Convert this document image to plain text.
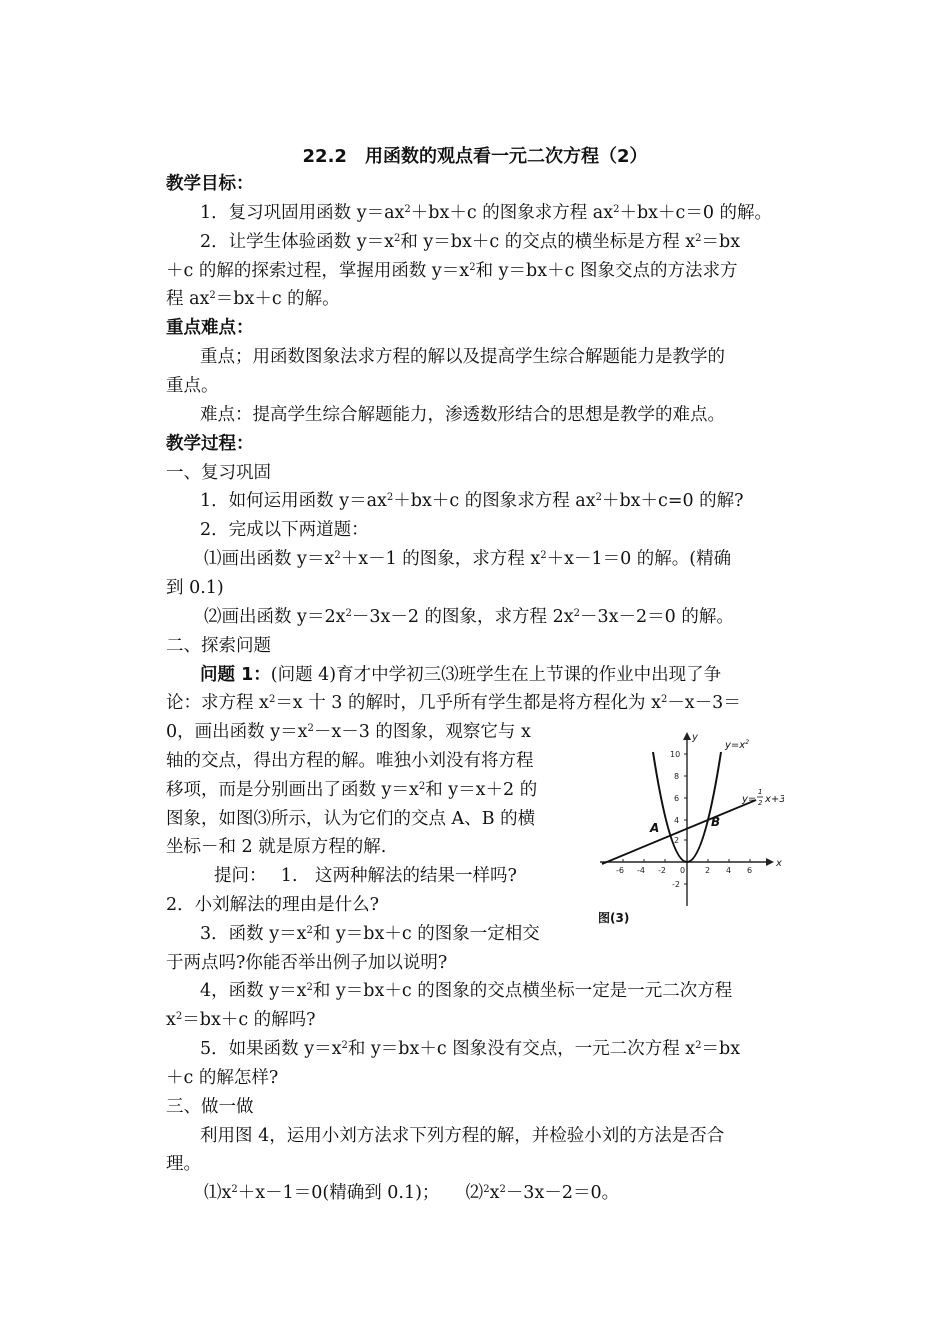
22.2　用函数的观点看一元二次方程（2）
教学目标：
1．复习巩固用函数 $y=ax^2+bx+c$ 的图象求方程 $ax^2+bx+c=0$ 的解。
2．让学生体验函数 $y=x^2$和 y＝bx＋c 的交点的横坐标是方程 $x^2=bx$
＋c 的解的探索过程，掌握用函数 $y=x^2$和 y＝bx＋c 图象交点的方法求方
程 $ax^2=bx+c$ 的解。
重点难点：
重点；用函数图象法求方程的解以及提高学生综合解题能力是教学的
重点。
难点：提高学生综合解题能力，渗透数形结合的思想是教学的难点。
教学过程：
一、复习巩固
1．如何运用函数 $y=ax^2+bx+c$ 的图象求方程 $ax^2+bx+c=0$ 的解?
2．完成以下两道题：
⑴画出函数 $y=x^2+x-1$ 的图象，求方程 $x^2+x-1=0$ 的解。(精确
到 0.1)
⑵画出函数 $y=2x^2-3x-2$ 的图象，求方程 $2x^2-3x-2=0$ 的解。
二、探索问题
问题 1：(问题 4)育才中学初三⑶班学生在上节课的作业中出现了争
论：求方程 $x^2=x$ 十 3 的解时，几乎所有学生都是将方程化为 $x^2-x-3=$
0，画出函数 $y=x^2-x-3$ 的图象，观察它与 x
轴的交点，得出方程的解。唯独小刘没有将方程
移项，而是分别画出了函数 $y=x^2$和 y＝x＋2 的
图象，如图⑶所示，认为它们的交点 A、B 的横
坐标－和 2 就是原方程的解.
提问：　 1.　这两种解法的结果一样吗?
2．小刘解法的理由是什么?
3．函数 $y=x^2$和 y＝bx＋c 的图象一定相交
于两点吗?你能否举出例子加以说明?
4，函数 $y=x^2$和 y＝bx＋c 的图象的交点横坐标一定是一元二次方程
$x^2=bx+c$ 的解吗?
5．如果函数 $y=x^2$和 y＝bx＋c 图象没有交点，一元二次方程 $x^2=bx$
＋c 的解怎样?
三、做一做
利用图 4，运用小刘方法求下列方程的解，并检验小刘的方法是否合
理。
$⑴x^2+x-1=0$(精确到 0.1)；　　$⑵^2x^2-3x-2=0$。
10
8
6
4
2
-2
-6 -4 -2	2 4 6
0
x
y
$y=x^2$
y=
1
2 x+3
A	B
图(3)
